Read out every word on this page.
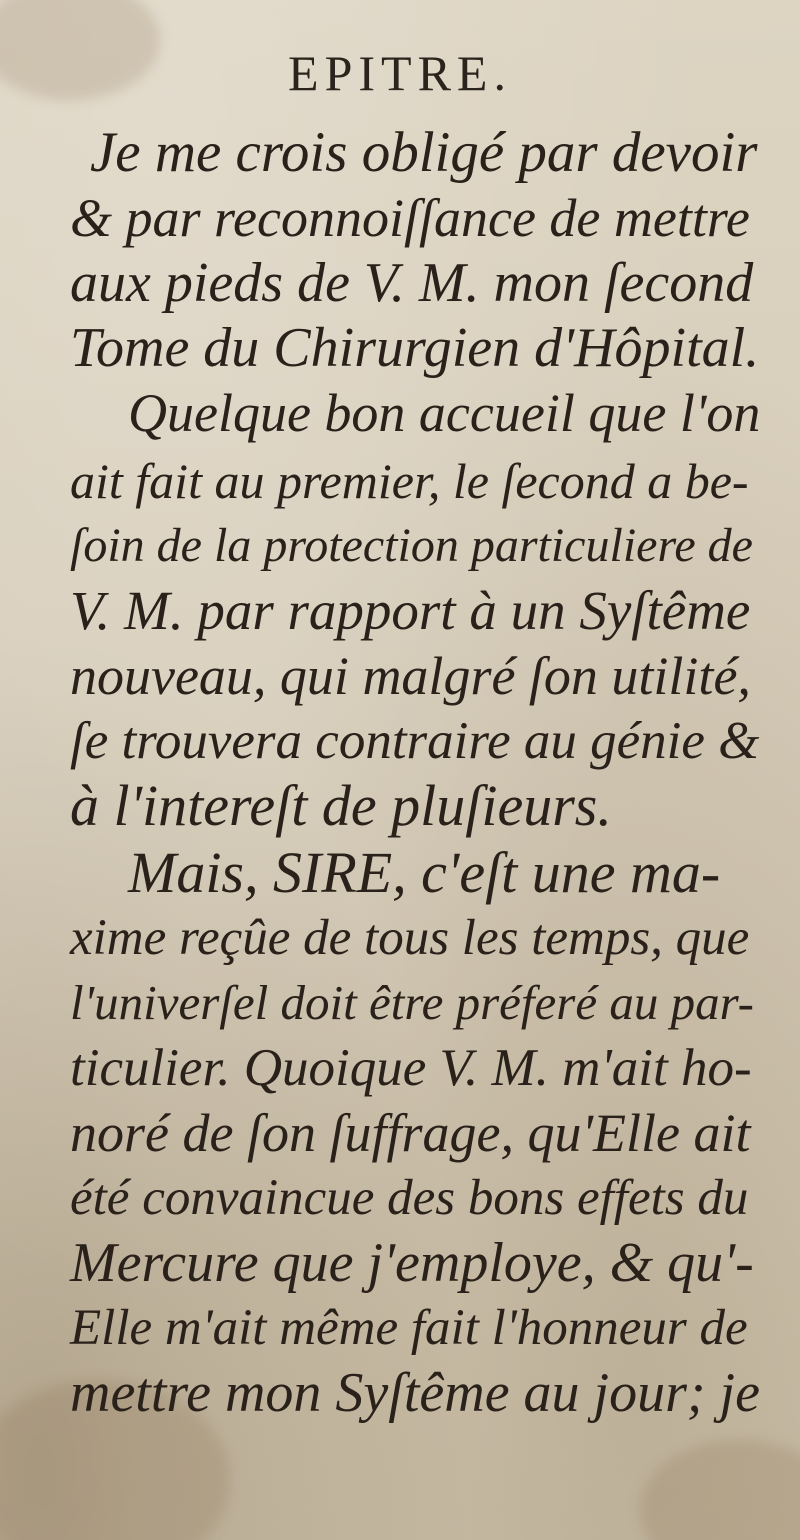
EPITRE.

Je me crois obligé par devoir

& par reconnoiſſance de mettre

aux pieds de V. M. mon ſecond

Tome du Chirurgien d'Hôpital.

Quelque bon accueil que l'on

ait fait au premier, le ſecond a be-

ſoin de la protection particuliere de

V. M. par rapport à un Syſtême

nouveau, qui malgré ſon utilité,

ſe trouvera contraire au génie &

à l'intereſt de pluſieurs.

Mais, SIRE, c'eſt une ma-

xime reçûe de tous les temps, que

l'univerſel doit être préferé au par-

ticulier. Quoique V. M. m'ait ho-

noré de ſon ſuffrage, qu'Elle ait

été convaincue des bons effets du

Mercure que j'employe, & qu'-

Elle m'ait même fait l'honneur de

mettre mon Syſtême au jour; je
